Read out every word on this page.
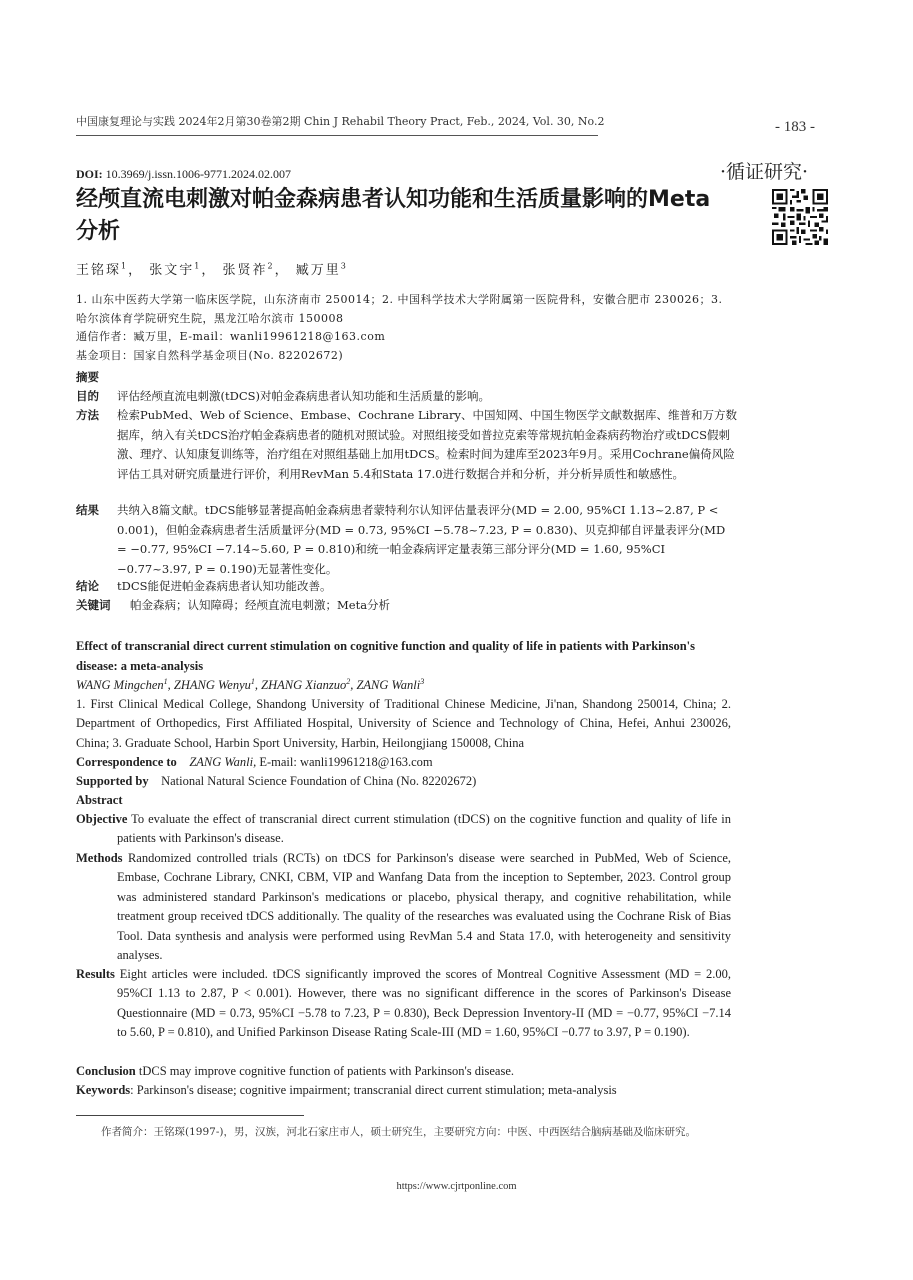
中国康复理论与实践 2024年2月第30卷第2期 Chin J Rehabil Theory Pract, Feb., 2024, Vol. 30, No.2	- 183 -
DOI: 10.3969/j.issn.1006-9771.2024.02.007	·循证研究·
经颅直流电刺激对帕金森病患者认知功能和生活质量影响的Meta分析
王铭琛$^1$， 张文宇$^1$， 张贤祚$^2$， 臧万里$^3$
1. 山东中医药大学第一临床医学院，山东济南市 250014；2. 中国科学技术大学附属第一医院骨科，安徽合肥市 230026；3. 哈尔滨体育学院研究生院，黑龙江哈尔滨市 150008
通信作者：臧万里，E-mail：wanli19961218@163.com
基金项目：国家自然科学基金项目(No. 82202672)
摘要
目的 评估经颅直流电刺激(tDCS)对帕金森病患者认知功能和生活质量的影响。
方法 检索PubMed、Web of Science、Embase、Cochrane Library、中国知网、中国生物医学文献数据库、维普和万方数据库，纳入有关tDCS治疗帕金森病患者的随机对照试验。对照组接受如普拉克索等常规抗帕金森病药物治疗或tDCS假刺激、理疗、认知康复训练等，治疗组在对照组基础上加用tDCS。检索时间为建库至2023年9月。采用Cochrane偏倚风险评估工具对研究质量进行评价，利用RevMan 5.4和Stata 17.0进行数据合并和分析，并分析异质性和敏感性。
结果 共纳入8篇文献。tDCS能够显著提高帕金森病患者蒙特利尔认知评估量表评分(MD = 2.00, 95%CI 1.13~2.87, P < 0.001)，但帕金森病患者生活质量评分(MD = 0.73, 95%CI −5.78~7.23, P = 0.830)、贝克抑郁自评量表评分(MD = −0.77, 95%CI −7.14~5.60, P = 0.810)和统一帕金森病评定量表第三部分评分(MD = 1.60, 95%CI −0.77~3.97, P = 0.190)无显著性变化。
结论 tDCS能促进帕金森病患者认知功能改善。
关键词 帕金森病；认知障碍；经颅直流电刺激；Meta分析
Effect of transcranial direct current stimulation on cognitive function and quality of life in patients with Parkinson's disease: a meta-analysis
WANG Mingchen$^1$, ZHANG Wenyu$^1$, ZHANG Xianzuo$^2$, ZANG Wanli$^3$
1. First Clinical Medical College, Shandong University of Traditional Chinese Medicine, Ji'nan, Shandong 250014, China; 2. Department of Orthopedics, First Affiliated Hospital, University of Science and Technology of China, Hefei, Anhui 230026, China; 3. Graduate School, Harbin Sport University, Harbin, Heilongjiang 150008, China
Correspondence to ZANG Wanli, E-mail: wanli19961218@163.com
Supported by National Natural Science Foundation of China (No. 82202672)
Abstract
Objective To evaluate the effect of transcranial direct current stimulation (tDCS) on the cognitive function and quality of life in patients with Parkinson's disease.
Methods Randomized controlled trials (RCTs) on tDCS for Parkinson's disease were searched in PubMed, Web of Science, Embase, Cochrane Library, CNKI, CBM, VIP and Wanfang Data from the inception to September, 2023. Control group was administered standard Parkinson's medications or placebo, physical therapy, and cognitive rehabilitation, while treatment group received tDCS additionally. The quality of the researches was evaluated using the Cochrane Risk of Bias Tool. Data synthesis and analysis were performed using RevMan 5.4 and Stata 17.0, with heterogeneity and sensitivity analyses.
Results Eight articles were included. tDCS significantly improved the scores of Montreal Cognitive Assessment (MD = 2.00, 95%CI 1.13 to 2.87, P < 0.001). However, there was no significant difference in the scores of Parkinson's Disease Questionnaire (MD = 0.73, 95%CI −5.78 to 7.23, P = 0.830), Beck Depression Inventory-II (MD = −0.77, 95%CI −7.14 to 5.60, P = 0.810), and Unified Parkinson Disease Rating Scale-III (MD = 1.60, 95%CI −0.77 to 3.97, P = 0.190).
Conclusion tDCS may improve cognitive function of patients with Parkinson's disease.
Keywords: Parkinson's disease; cognitive impairment; transcranial direct current stimulation; meta-analysis
作者简介：王铭琛(1997-)，男，汉族，河北石家庄市人，硕士研究生，主要研究方向：中医、中西医结合脑病基础及临床研究。
https://www.cjrtponline.com
